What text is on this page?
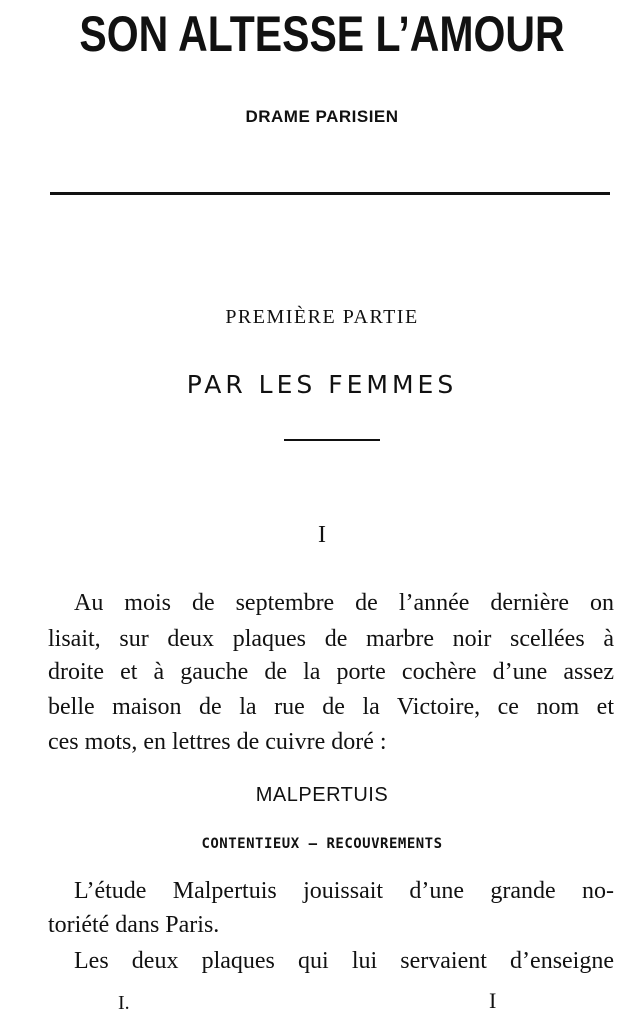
SON ALTESSE L’AMOUR
DRAME PARISIEN
PREMIÈRE PARTIE
PAR LES FEMMES
I
Au mois de septembre de l’année dernière on
lisait, sur deux plaques de marbre noir scellées à
droite et à gauche de la porte cochère d’une assez
belle maison de la rue de la Victoire, ce nom et
ces mots, en lettres de cuivre doré :
MALPERTUIS
CONTENTIEUX — RECOUVREMENTS
L’étude Malpertuis jouissait d’une grande no-
toriété dans Paris.
Les deux plaques qui lui servaient d’enseigne
I.	I
